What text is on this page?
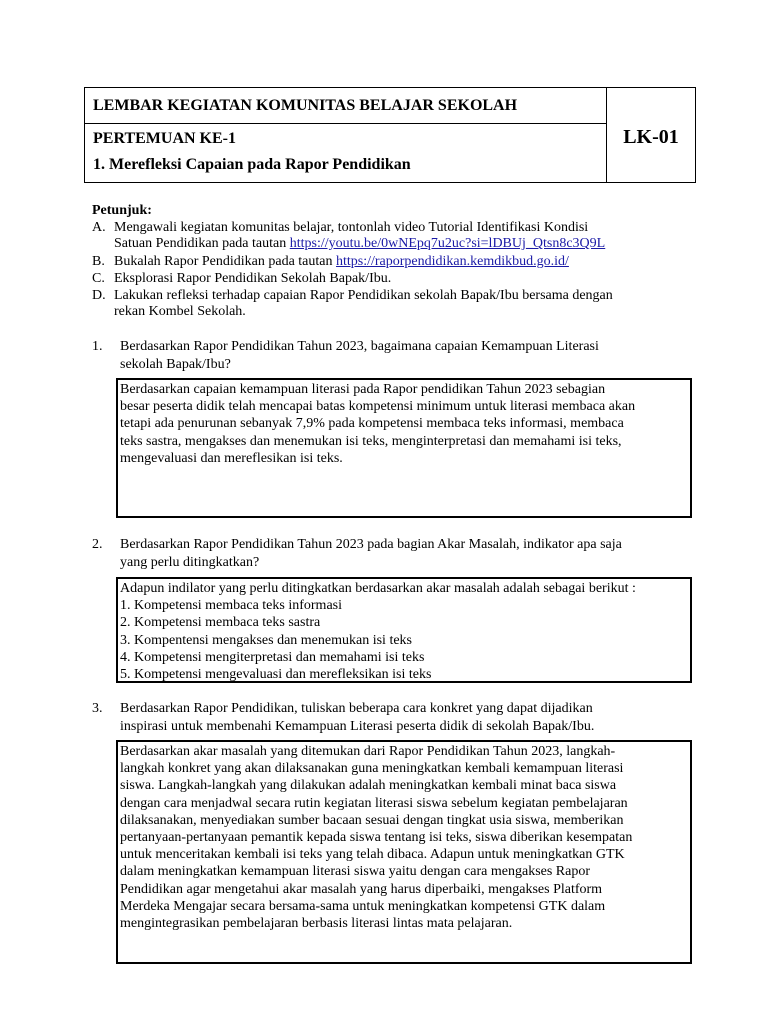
LEMBAR KEGIATAN KOMUNITAS BELAJAR SEKOLAH
PERTEMUAN KE-1
1. Merefleksi Capaian pada Rapor Pendidikan
LK-01
Petunjuk:
A. Mengawali kegiatan komunitas belajar, tontonlah video Tutorial Identifikasi Kondisi
Satuan Pendidikan pada tautan https://youtu.be/0wNEpq7u2uc?si=lDBUj_Qtsn8c3Q9L
B. Bukalah Rapor Pendidikan pada tautan https://raporpendidikan.kemdikbud.go.id/
C. Eksplorasi Rapor Pendidikan Sekolah Bapak/Ibu.
D. Lakukan refleksi terhadap capaian Rapor Pendidikan sekolah Bapak/Ibu bersama dengan
rekan Kombel Sekolah.
1. Berdasarkan Rapor Pendidikan Tahun 2023, bagaimana capaian Kemampuan Literasi
sekolah Bapak/Ibu?
Berdasarkan capaian kemampuan literasi pada Rapor pendidikan Tahun 2023 sebagian
besar peserta didik telah mencapai batas kompetensi minimum untuk literasi membaca akan
tetapi ada penurunan sebanyak 7,9% pada kompetensi membaca teks informasi, membaca
teks sastra, mengakses dan menemukan isi teks, menginterpretasi dan memahami isi teks,
mengevaluasi dan mereflesikan isi teks.
2. Berdasarkan Rapor Pendidikan Tahun 2023 pada bagian Akar Masalah, indikator apa saja
yang perlu ditingkatkan?
Adapun indilator yang perlu ditingkatkan berdasarkan akar masalah adalah sebagai berikut :
1. Kompetensi membaca teks informasi
2. Kompetensi membaca teks sastra
3. Kompentensi mengakses dan menemukan isi teks
4. Kompetensi mengiterpretasi dan memahami isi teks
5. Kompetensi mengevaluasi dan merefleksikan isi teks
3. Berdasarkan Rapor Pendidikan, tuliskan beberapa cara konkret yang dapat dijadikan
inspirasi untuk membenahi Kemampuan Literasi peserta didik di sekolah Bapak/Ibu.
Berdasarkan akar masalah yang ditemukan dari Rapor Pendidikan Tahun 2023, langkah-
langkah konkret yang akan dilaksanakan guna meningkatkan kembali kemampuan literasi
siswa. Langkah-langkah yang dilakukan adalah meningkatkan kembali minat baca siswa
dengan cara menjadwal secara rutin kegiatan literasi siswa sebelum kegiatan pembelajaran
dilaksanakan, menyediakan sumber bacaan sesuai dengan tingkat usia siswa, memberikan
pertanyaan-pertanyaan pemantik kepada siswa tentang isi teks, siswa diberikan kesempatan
untuk menceritakan kembali isi teks yang telah dibaca. Adapun untuk meningkatkan GTK
dalam meningkatkan kemampuan literasi siswa yaitu dengan cara mengakses Rapor
Pendidikan agar mengetahui akar masalah yang harus diperbaiki, mengakses Platform
Merdeka Mengajar secara bersama-sama untuk meningkatkan kompetensi GTK dalam
mengintegrasikan pembelajaran berbasis literasi lintas mata pelajaran.
